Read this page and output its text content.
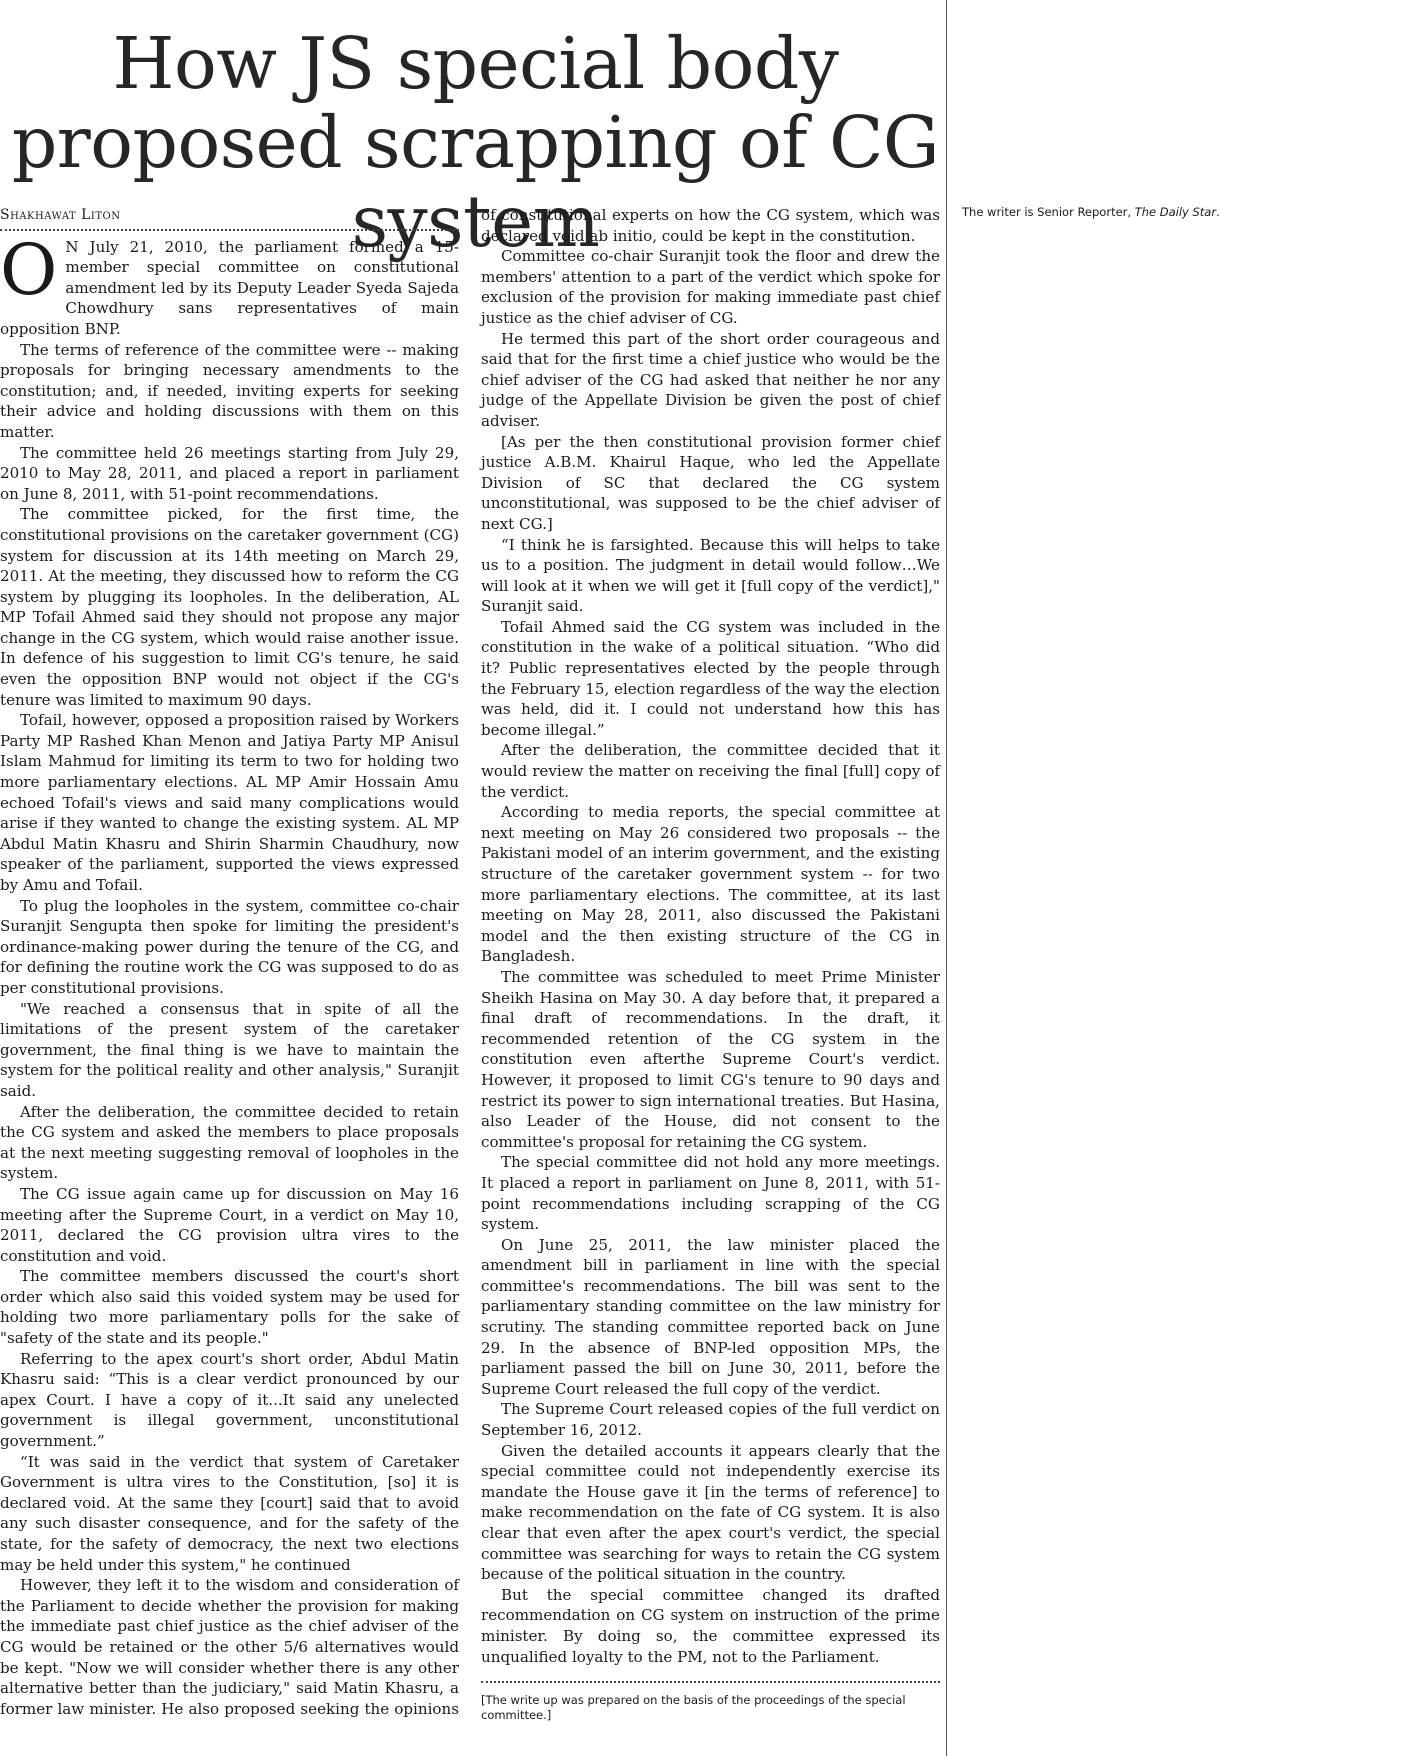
How JS special body proposed scrapping of CG system
Shakhawat Liton

O N July 21, 2010, the parliament formed a 15-member special committee on constitutional amendment led by its Deputy Leader Syeda Sajeda Chowdhury sans representatives of main opposition BNP.

The terms of reference of the committee were -- making proposals for bringing necessary amendments to the constitution; and, if needed, inviting experts for seeking their advice and holding discussions with them on this matter.

The committee held 26 meetings starting from July 29, 2010 to May 28, 2011, and placed a report in parliament on June 8, 2011, with 51-point recommendations.

The committee picked, for the first time, the constitutional provisions on the caretaker government (CG) system for discussion at its 14th meeting on March 29, 2011. At the meeting, they discussed how to reform the CG system by plugging its loopholes. In the deliberation, AL MP Tofail Ahmed said they should not propose any major change in the CG system, which would raise another issue. In defence of his suggestion to limit CG's tenure, he said even the opposition BNP would not object if the CG's tenure was limited to maximum 90 days.

Tofail, however, opposed a proposition raised by Workers Party MP Rashed Khan Menon and Jatiya Party MP Anisul Islam Mahmud for limiting its term to two for holding two more parliamentary elections. AL MP Amir Hossain Amu echoed Tofail's views and said many complications would arise if they wanted to change the existing system. AL MP Abdul Matin Khasru and Shirin Sharmin Chaudhury, now speaker of the parliament, supported the views expressed by Amu and Tofail.

To plug the loopholes in the system, committee co-chair Suranjit Sengupta then spoke for limiting the president's ordinance-making power during the tenure of the CG, and for defining the routine work the CG was supposed to do as per constitutional provisions.

"We reached a consensus that in spite of all the limitations of the present system of the caretaker government, the final thing is we have to maintain the system for the political reality and other analysis," Suranjit said.

After the deliberation, the committee decided to retain the CG system and asked the members to place proposals at the next meeting suggesting removal of loopholes in the system.

The CG issue again came up for discussion on May 16 meeting after the Supreme Court, in a verdict on May 10, 2011, declared the CG provision ultra vires to the constitution and void.

The committee members discussed the court's short order which also said this voided system may be used for holding two more parliamentary polls for the sake of "safety of the state and its people."

Referring to the apex court's short order, Abdul Matin Khasru said: “This is a clear verdict pronounced by our apex Court. I have a copy of it...It said any unelected government is illegal government, unconstitutional government.”

“It was said in the verdict that system of Caretaker Government is ultra vires to the Constitution, [so] it is declared void. At the same they [court] said that to avoid any such disaster consequence, and for the safety of the state, for the safety of democracy, the next two elections may be held under this system," he continued

However, they left it to the wisdom and consideration of the Parliament to decide whether the provision for making the immediate past chief justice as the chief adviser of the CG would be retained or the other 5/6 alternatives would be kept. "Now we will consider whether there is any other alternative better than the judiciary," said Matin Khasru, a former law minister. He also proposed seeking the opinions of constitutional experts on how the CG system, which was declared void ab initio, could be kept in the constitution.

Committee co-chair Suranjit took the floor and drew the members' attention to a part of the verdict which spoke for exclusion of the provision for making immediate past chief justice as the chief adviser of CG.

He termed this part of the short order courageous and said that for the first time a chief justice who would be the chief adviser of the CG had asked that neither he nor any judge of the Appellate Division be given the post of chief adviser.

[As per the then constitutional provision former chief justice A.B.M. Khairul Haque, who led the Appellate Division of SC that declared the CG system unconstitutional, was supposed to be the chief adviser of next CG.]

“I think he is farsighted. Because this will helps to take us to a position. The judgment in detail would follow…We will look at it when we will get it [full copy of the verdict]," Suranjit said.

Tofail Ahmed said the CG system was included in the constitution in the wake of a political situation. “Who did it? Public representatives elected by the people through the February 15, election regardless of the way the election was held, did it. I could not understand how this has become illegal.”

After the deliberation, the committee decided that it would review the matter on receiving the final [full] copy of the verdict.

According to media reports, the special committee at next meeting on May 26 considered two proposals -- the Pakistani model of an interim government, and the existing structure of the caretaker government system -- for two more parliamentary elections. The committee, at its last meeting on May 28, 2011, also discussed the Pakistani model and the then existing structure of the CG in Bangladesh.

The committee was scheduled to meet Prime Minister Sheikh Hasina on May 30. A day before that, it prepared a final draft of recommendations. In the draft, it recommended retention of the CG system in the constitution even afterthe Supreme Court's verdict. However, it proposed to limit CG's tenure to 90 days and restrict its power to sign international treaties. But Hasina, also Leader of the House, did not consent to the committee's proposal for retaining the CG system.

The special committee did not hold any more meetings. It placed a report in parliament on June 8, 2011, with 51-point recommendations including scrapping of the CG system.

On June 25, 2011, the law minister placed the amendment bill in parliament in line with the special committee's recommendations. The bill was sent to the parliamentary standing committee on the law ministry for scrutiny. The standing committee reported back on June 29. In the absence of BNP-led opposition MPs, the parliament passed the bill on June 30, 2011, before the Supreme Court released the full copy of the verdict.

The Supreme Court released copies of the full verdict on September 16, 2012.

Given the detailed accounts it appears clearly that the special committee could not independently exercise its mandate the House gave it [in the terms of reference] to make recommendation on the fate of CG system. It is also clear that even after the apex court's verdict, the special committee was searching for ways to retain the CG system because of the political situation in the country.

But the special committee changed its drafted recommendation on CG system on instruction of the prime minister. By doing so, the committee expressed its unqualified loyalty to the PM, not to the Parliament.

[The write up was prepared on the basis of the proceedings of the special committee.]

The writer is Senior Reporter, The Daily Star.
